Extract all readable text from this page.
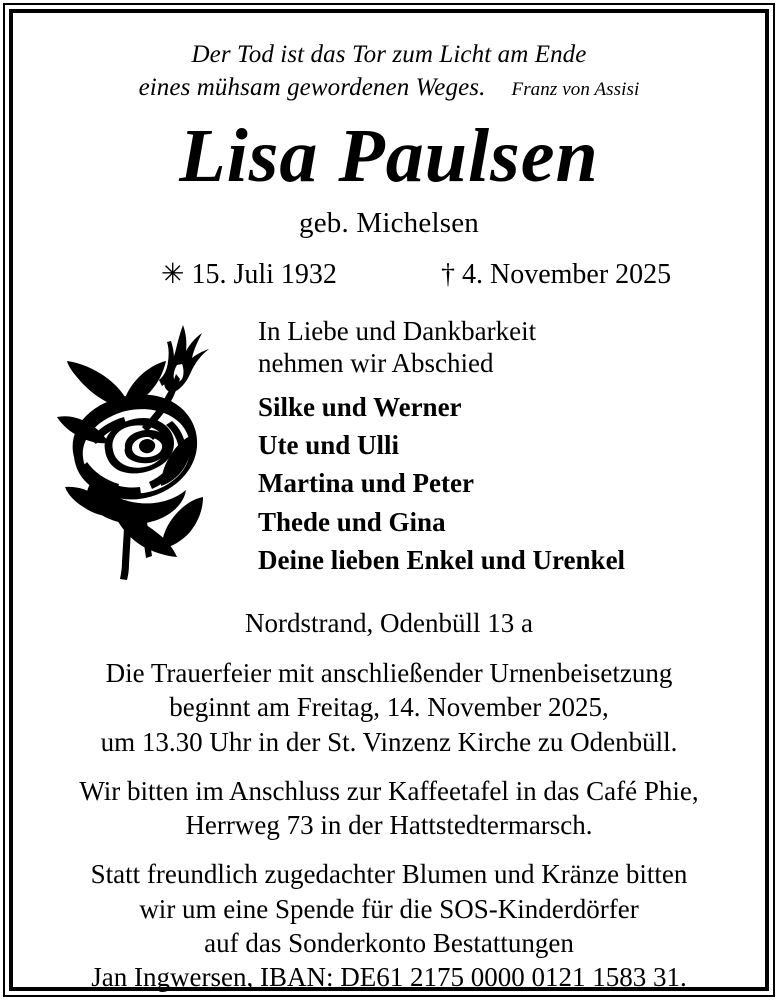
Der Tod ist das Tor zum Licht am Ende
eines mühsam gewordenen Weges. Franz von Assisi
Lisa Paulsen
geb. Michelsen
✳ 15. Juli 1932	† 4. November 2025
In Liebe und Dankbarkeit
nehmen wir Abschied
Silke und Werner
Ute und Ulli
Martina und Peter
Thede und Gina
Deine lieben Enkel und Urenkel
Nordstrand, Odenbüll 13 a
Die Trauerfeier mit anschließender Urnenbeisetzung
beginnt am Freitag, 14. November 2025,
um 13.30 Uhr in der St. Vinzenz Kirche zu Odenbüll.
Wir bitten im Anschluss zur Kaffeetafel in das Café Phie,
Herrweg 73 in der Hattstedtermarsch.
Statt freundlich zugedachter Blumen und Kränze bitten
wir um eine Spende für die SOS-Kinderdörfer
auf das Sonderkonto Bestattungen
Jan Ingwersen, IBAN: DE61 2175 0000 0121 1583 31.
